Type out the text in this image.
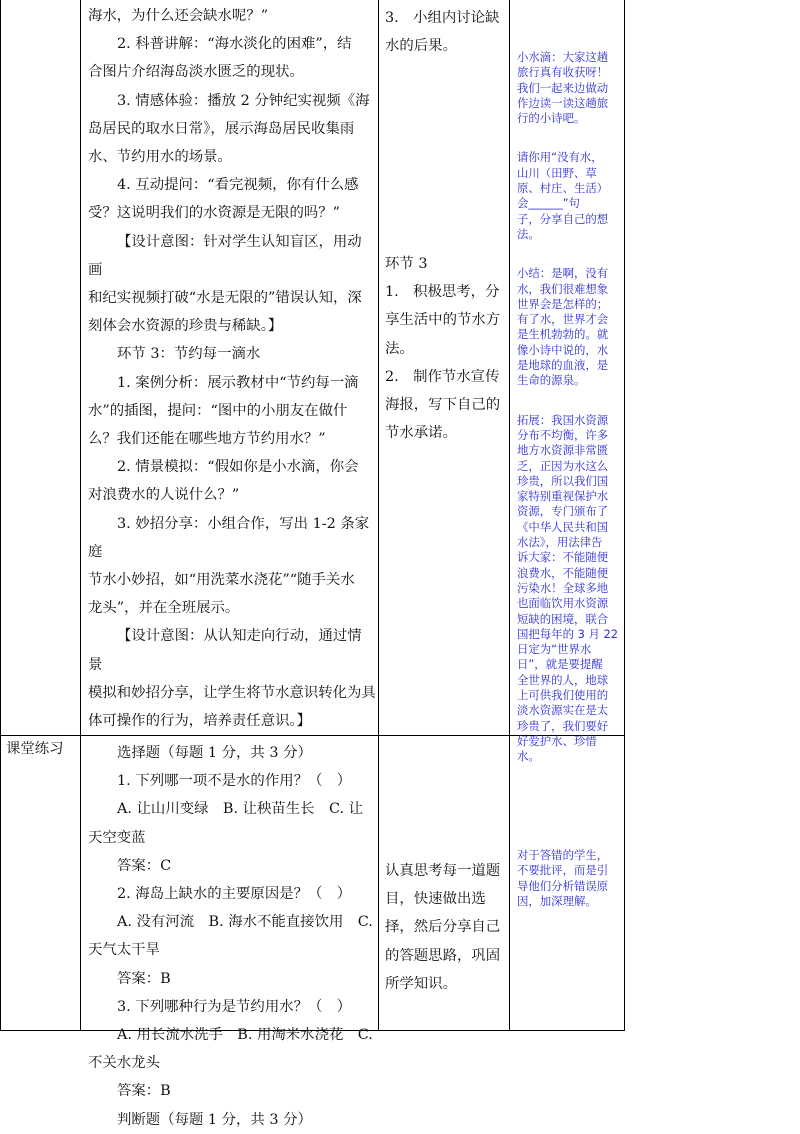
海水，为什么还会缺水呢？”

2. 科普讲解：“海水淡化的困难”，结

合图片介绍海岛淡水匮乏的现状。

3. 情感体验：播放 2 分钟纪实视频《海

岛居民的取水日常》，展示海岛居民收集雨

水、节约用水的场景。

4. 互动提问：“看完视频，你有什么感

受？这说明我们的水资源是无限的吗？”

【设计意图：针对学生认知盲区，用动画

和纪实视频打破“水是无限的”错误认知，深

刻体会水资源的珍贵与稀缺。】

环节 3：节约每一滴水

1. 案例分析：展示教材中“节约每一滴

水”的插图，提问：“图中的小朋友在做什

么？我们还能在哪些地方节约用水？”

2. 情景模拟：“假如你是小水滴，你会

对浪费水的人说什么？”

3. 妙招分享：小组合作，写出 1-2 条家庭

节水小妙招，如“用洗菜水浇花”“随手关水

龙头”，并在全班展示。

【设计意图：从认知走向行动，通过情景

模拟和妙招分享，让学生将节水意识转化为具

体可操作的行为，培养责任意识。】

3.　小组内讨论缺

水的后果。

环节 3

1.　积极思考，分

享生活中的节水方

法。

2.　制作节水宣传

海报，写下自己的

节水承诺。

小水滴：大家这趟

旅行真有收获呀！

我们一起来边做动

作边读一读这趟旅

行的小诗吧。

请你用“没有水，

山川（田野、草

原、村庄、生活）

会______”句

子，分享自己的想

法。

小结：是啊，没有

水，我们很难想象

世界会是怎样的；

有了水，世界才会

是生机勃勃的。就

像小诗中说的，水

是地球的血液，是

生命的源泉。

拓展：我国水资源

分布不均衡，许多

地方水资源非常匮

乏，正因为水这么

珍贵，所以我们国

家特别重视保护水

资源，专门颁布了

《中华人民共和国

水法》，用法律告

诉大家：不能随便

浪费水，不能随便

污染水！全球多地

也面临饮用水资源

短缺的困境，联合

国把每年的 3 月 22

日定为“世界水

日”，就是要提醒

全世界的人，地球

上可供我们使用的

淡水资源实在是太

珍贵了，我们要好

好爱护水、珍惜

水。

课堂练习	选择题（每题 1 分，共 3 分）

1. 下列哪一项不是水的作用？（　）

A. 让山川变绿　B. 让秧苗生长　C. 让

天空变蓝

答案：C

2. 海岛上缺水的主要原因是？（　）

A. 没有河流　B. 海水不能直接饮用　C.

天气太干旱

答案：B

3. 下列哪种行为是节约用水？（　）

A. 用长流水洗手　B. 用淘米水浇花　C.

不关水龙头

答案：B

判断题（每题 1 分，共 3 分）

认真思考每一道题

目，快速做出选

择，然后分享自己

的答题思路，巩固

所学知识。

对于答错的学生，

不要批评，而是引

导他们分析错误原

因，加深理解。
